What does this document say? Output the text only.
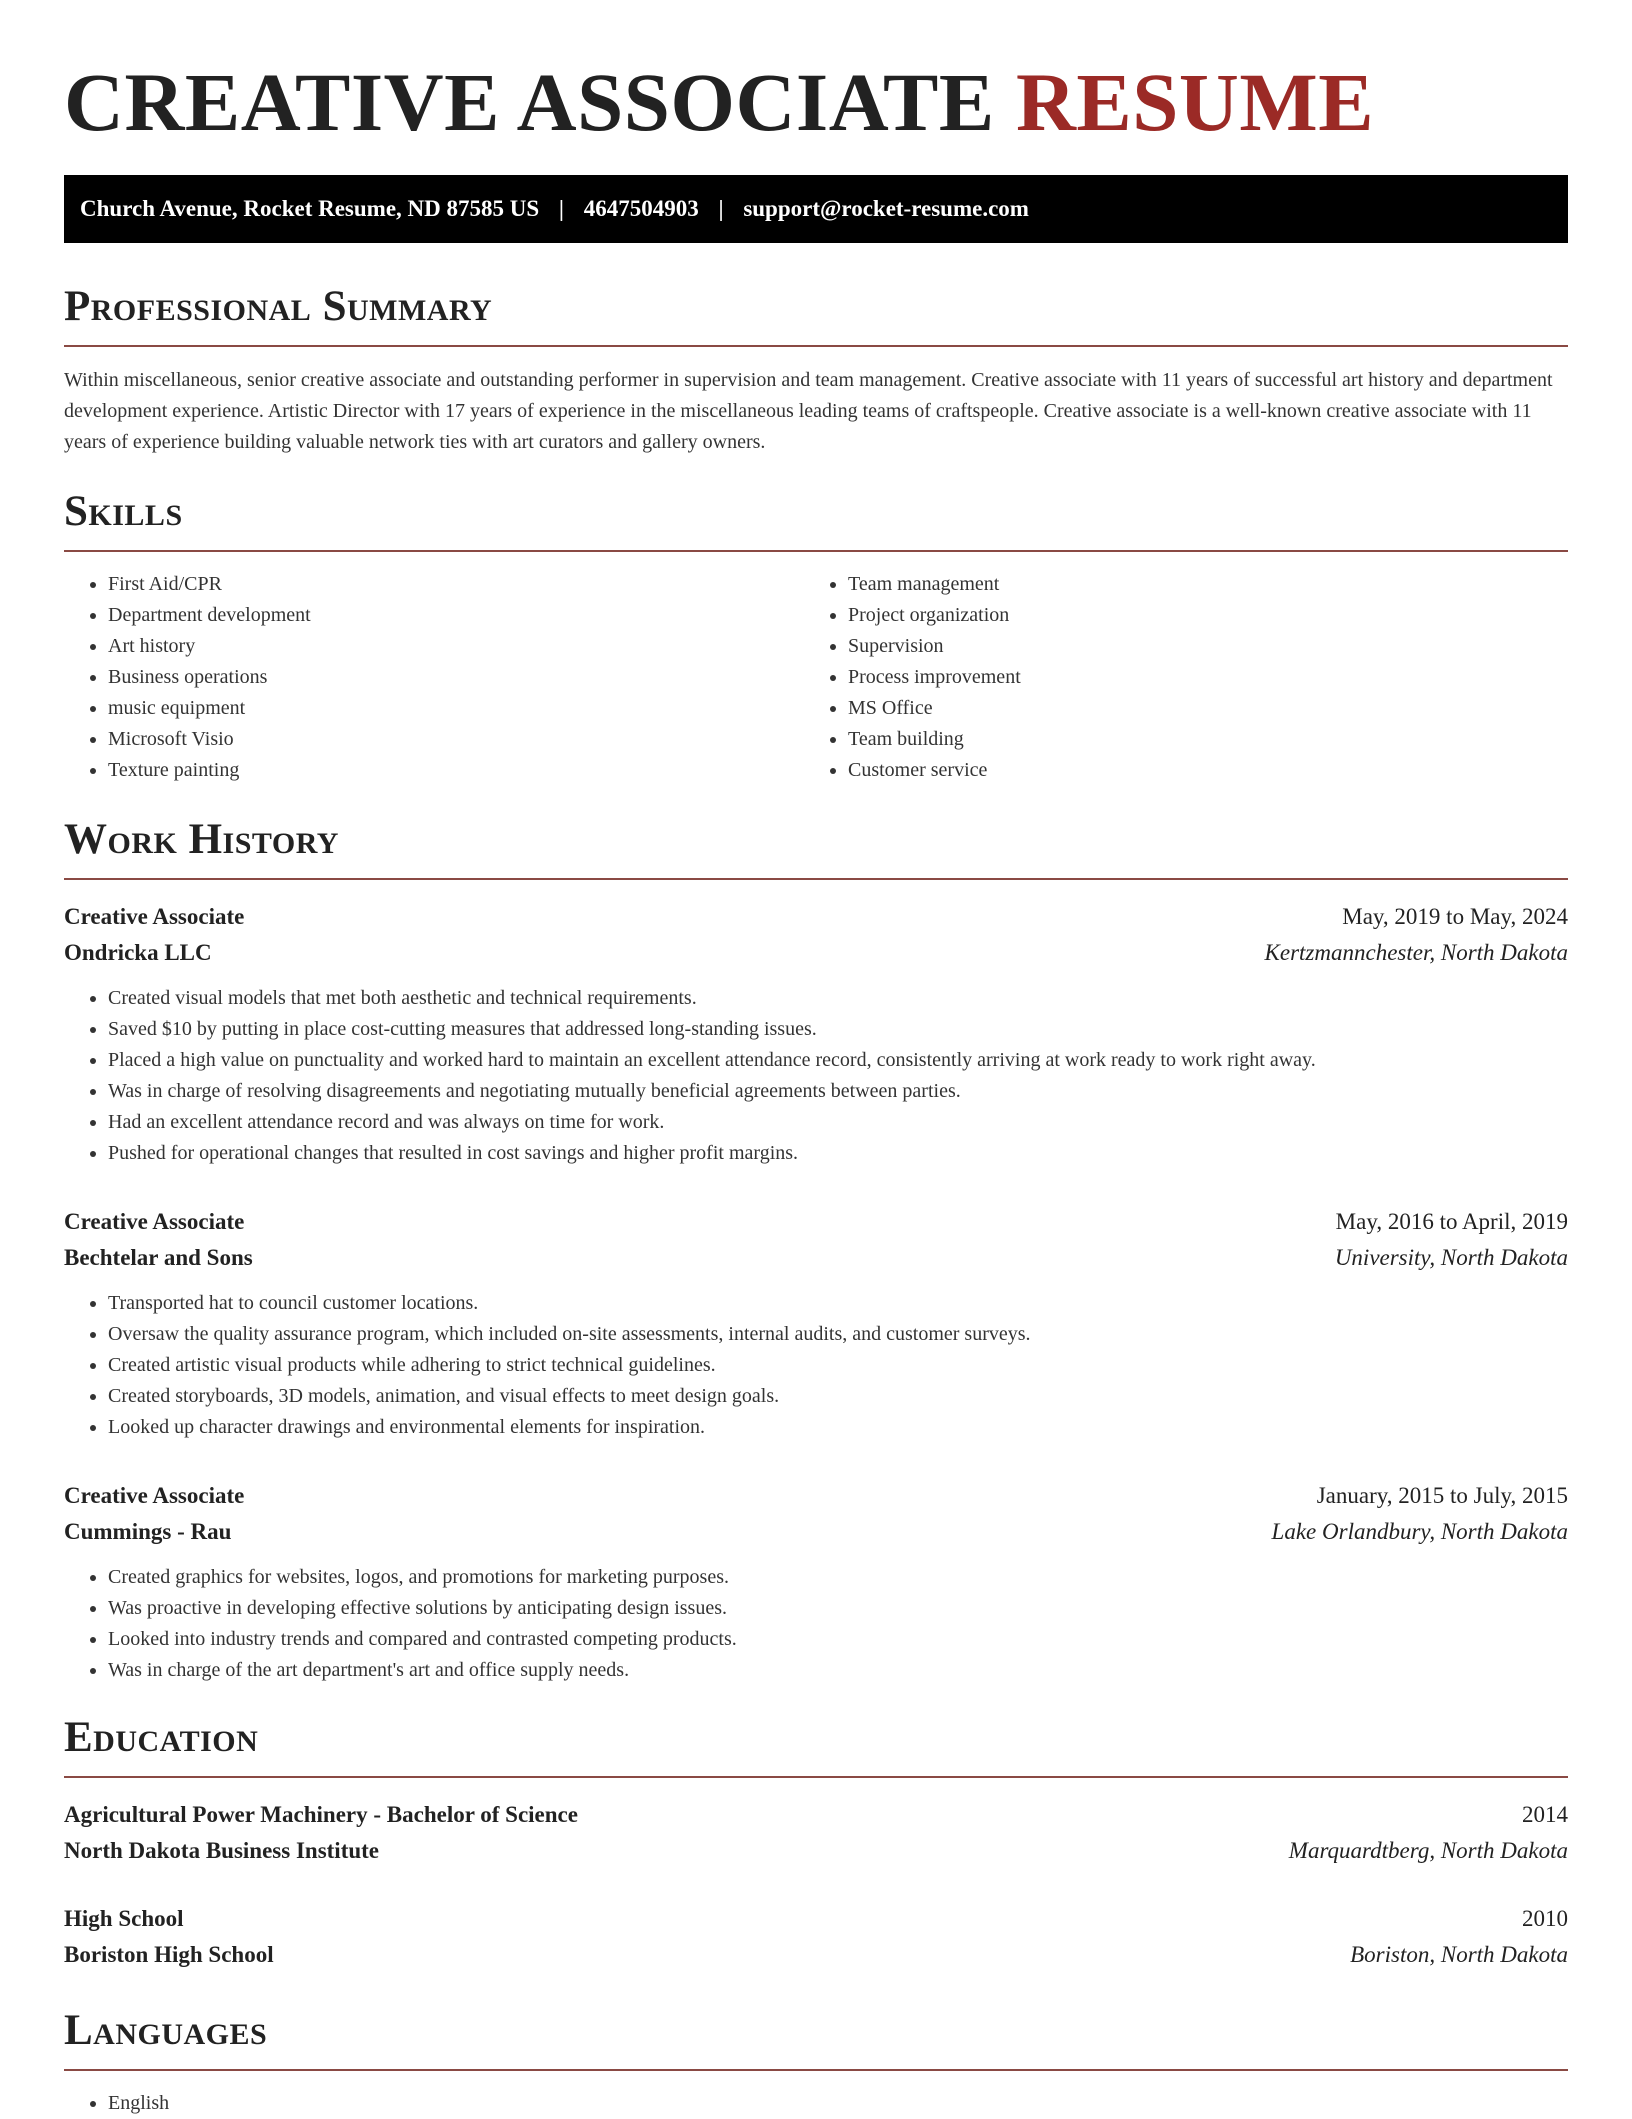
CREATIVE ASSOCIATE RESUME
Church Avenue, Rocket Resume, ND 87585 US | 4647504903 | support@rocket-resume.com
Professional Summary

Within miscellaneous, senior creative associate and outstanding performer in supervision and team management. Creative associate with 11 years of successful art history and department development experience. Artistic Director with 17 years of experience in the miscellaneous leading teams of craftspeople. Creative associate is a well-known creative associate with 11 years of experience building valuable network ties with art curators and gallery owners.

Skills
• First Aid/CPR
• Department development
• Art history
• Business operations
• music equipment
• Microsoft Visio
• Texture painting
• Team management
• Project organization
• Supervision
• Process improvement
• MS Office
• Team building
• Customer service
Work History
Creative Associate	May, 2019 to May, 2024
Ondricka LLC	Kertzmannchester, North Dakota
• Created visual models that met both aesthetic and technical requirements.
• Saved $10 by putting in place cost-cutting measures that addressed long-standing issues.
• Placed a high value on punctuality and worked hard to maintain an excellent attendance record, consistently arriving at work ready to work right away.
• Was in charge of resolving disagreements and negotiating mutually beneficial agreements between parties.
• Had an excellent attendance record and was always on time for work.
• Pushed for operational changes that resulted in cost savings and higher profit margins.
Creative Associate	May, 2016 to April, 2019
Bechtelar and Sons	University, North Dakota
• Transported hat to council customer locations.
• Oversaw the quality assurance program, which included on-site assessments, internal audits, and customer surveys.
• Created artistic visual products while adhering to strict technical guidelines.
• Created storyboards, 3D models, animation, and visual effects to meet design goals.
• Looked up character drawings and environmental elements for inspiration.
Creative Associate	January, 2015 to July, 2015
Cummings - Rau	Lake Orlandbury, North Dakota
• Created graphics for websites, logos, and promotions for marketing purposes.
• Was proactive in developing effective solutions by anticipating design issues.
• Looked into industry trends and compared and contrasted competing products.
• Was in charge of the art department's art and office supply needs.
Education
Agricultural Power Machinery - Bachelor of Science	2014
North Dakota Business Institute	Marquardtberg, North Dakota
High School	2010
Boriston High School	Boriston, North Dakota
Languages
• English
